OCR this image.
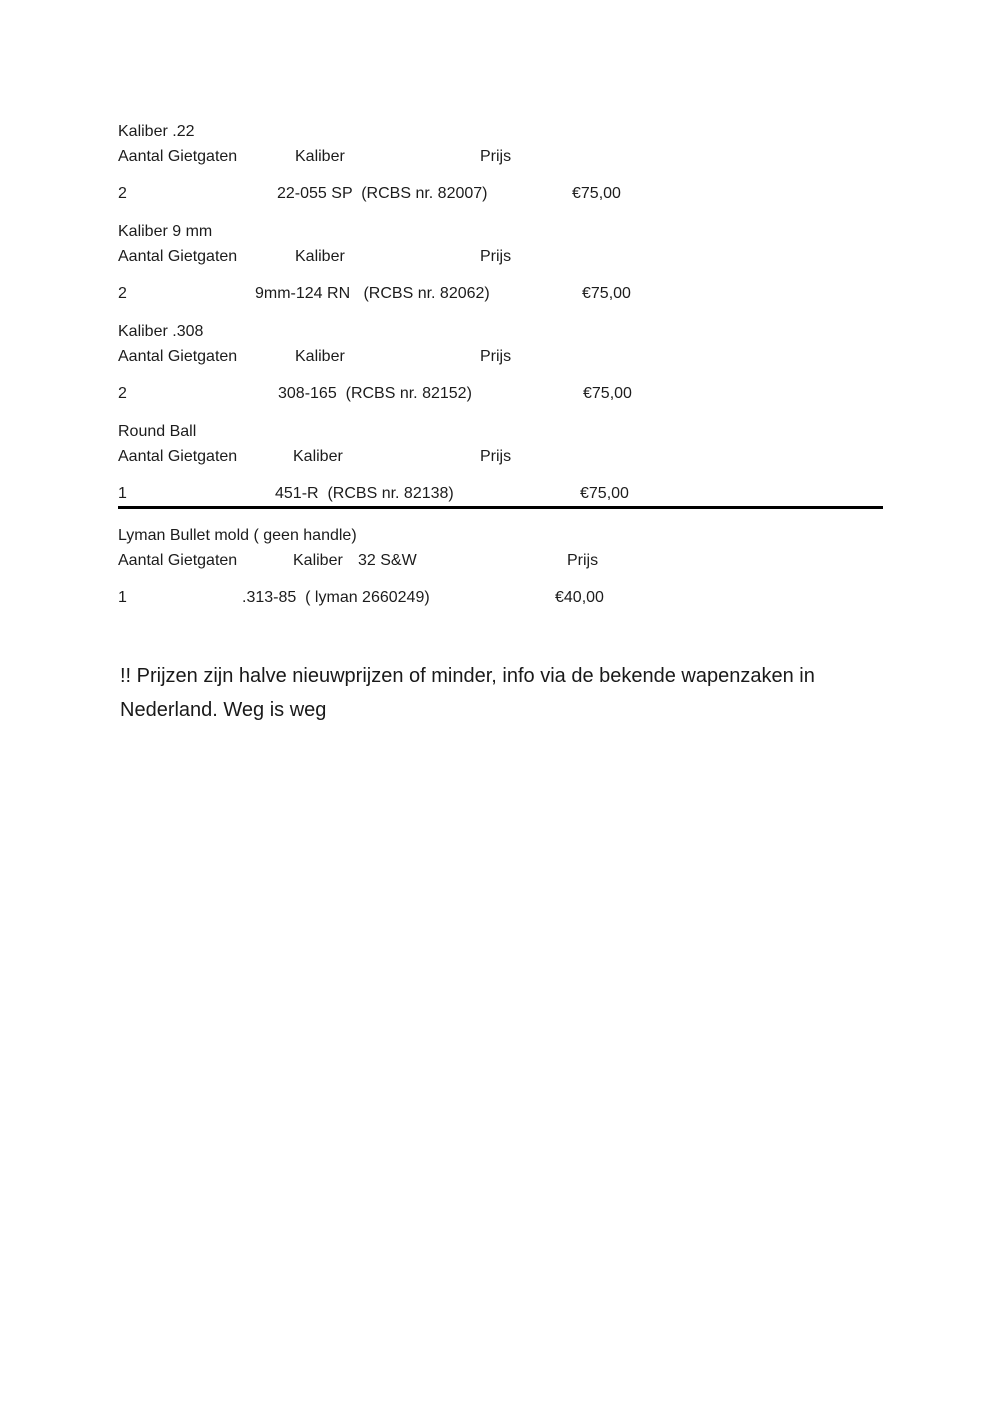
Kaliber .22
Aantal Gietgaten	Kaliber	Prijs
2	22-055 SP  (RCBS nr. 82007)	€75,00
Kaliber 9 mm
Aantal Gietgaten	Kaliber	Prijs
2	9mm-124 RN   (RCBS nr. 82062)	€75,00
Kaliber .308
Aantal Gietgaten	Kaliber	Prijs
2	308-165  (RCBS nr. 82152)	€75,00
Round Ball
Aantal Gietgaten	Kaliber	Prijs
1	451-R  (RCBS nr. 82138)	€75,00
Lyman Bullet mold ( geen handle)
Aantal Gietgaten	Kaliber 32 S&W	Prijs
1	.313-85  ( lyman 2660249)	€40,00
!! Prijzen zijn halve nieuwprijzen of minder, info via de bekende wapenzaken in
Nederland. Weg is weg
